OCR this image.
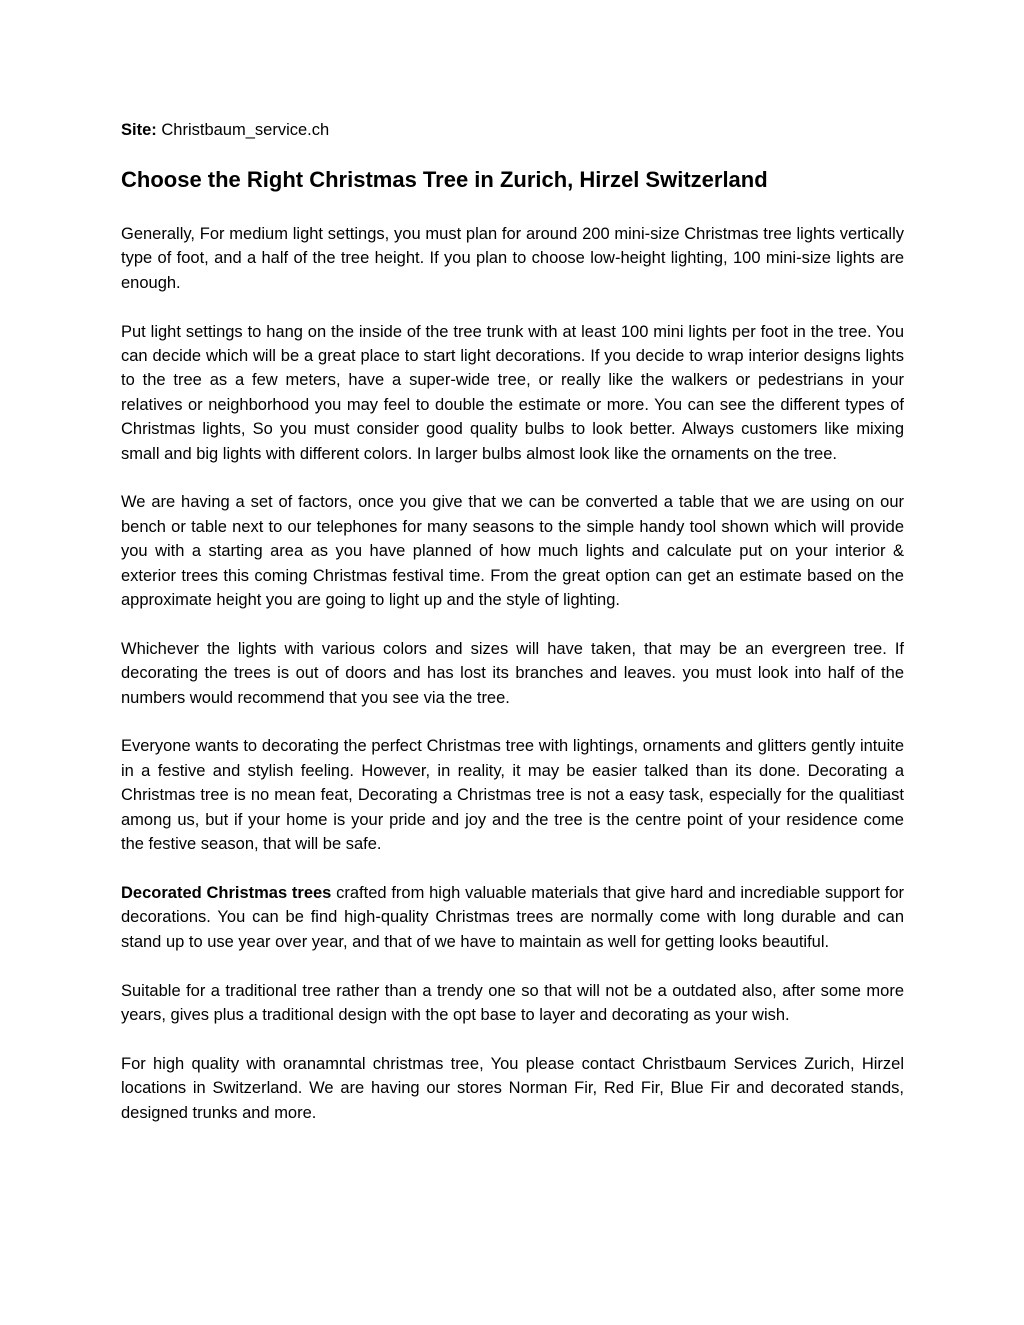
Site: Christbaum_service.ch

Choose the Right Christmas Tree in Zurich, Hirzel Switzerland

Generally, For medium light settings, you must plan for around 200 mini-size Christmas tree lights vertically type of foot, and a half of the tree height. If you plan to choose low-height lighting, 100 mini-size lights are enough.

Put light settings to hang on the inside of the tree trunk with at least 100 mini lights per foot in the tree. You can decide which will be a great place to start light decorations. If you decide to wrap interior designs lights to the tree as a few meters, have a super-wide tree, or really like the walkers or pedestrians in your relatives or neighborhood you may feel to double the estimate or more. You can see the different types of Christmas lights, So you must consider good quality bulbs to look better. Always customers like mixing small and big lights with different colors. In larger bulbs almost look like the ornaments on the tree.

We are having a set of factors, once you give that we can be converted a table that we are using on our bench or table next to our telephones for many seasons to the simple handy tool shown which will provide you with a starting area as you have planned of how much lights and calculate put on your interior & exterior trees this coming Christmas festival time. From the great option can get an estimate based on the approximate height you are going to light up and the style of lighting.

Whichever the lights with various colors and sizes will have taken, that may be an evergreen tree. If decorating the trees is out of doors and has lost its branches and leaves. you must look into half of the numbers would recommend that you see via the tree.

Everyone wants to decorating the perfect Christmas tree with lightings, ornaments and glitters gently intuite in a festive and stylish feeling. However, in reality, it may be easier talked than its done. Decorating a Christmas tree is no mean feat, Decorating a Christmas tree is not a easy task, especially for the qualitiast among us, but if your home is your pride and joy and the tree is the centre point of your residence come the festive season, that will be safe.

Decorated Christmas trees crafted from high valuable materials that give hard and incrediable support for decorations. You can be find high-quality Christmas trees are normally come with long durable and can stand up to use year over year, and that of we have to maintain as well for getting looks beautiful.

Suitable for a traditional tree rather than a trendy one so that will not be a outdated also, after some more years, gives plus a traditional design with the opt base to layer and decorating as your wish.

For high quality with oranamntal christmas tree, You please contact Christbaum Services Zurich, Hirzel locations in Switzerland. We are having our stores Norman Fir, Red Fir, Blue Fir and decorated stands, designed trunks and more.
